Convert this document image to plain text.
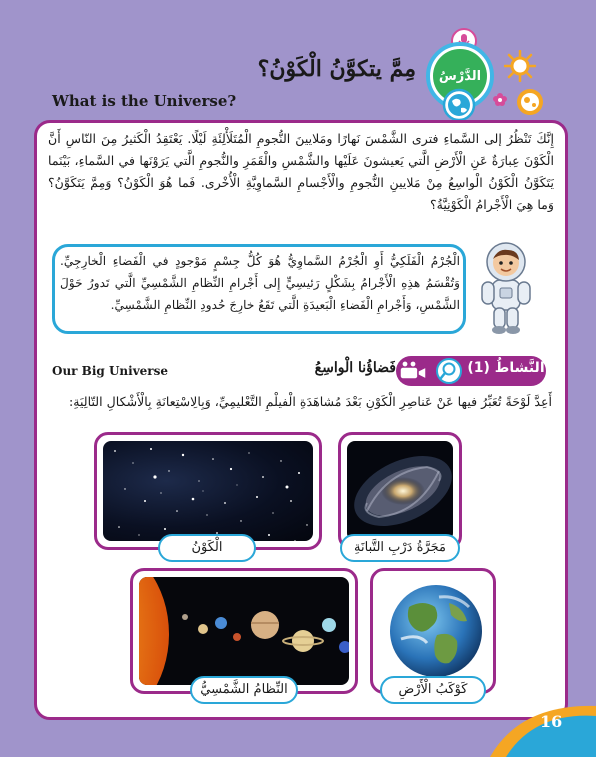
الدَّرْسُ
مِمَّ يتكوَّنُ الْكَوْنُ؟
What is the Universe?

إِنَّكَ تَنْظُرُ إلى السَّماءِ فترى الشَّمْسَ نَهارًا ومَلايينَ النُّجومِ الْمُتَلَأْلِئَةِ لَيْلًا. يَعْتَقِدُ الْكَثيرُ مِنَ النّاسِ أَنَّ الْكَوْنَ عِبارَةٌ عَنِ الْأَرْضِ الَّتي يَعيشونَ عَلَيْها والشَّمْسِ والْقَمَرِ والنُّجومِ الَّتي يَرَوْنَها في السَّماءِ، بَيْنَما يَتَكَوَّنُ الْكَوْنُ الْواسِعُ مِنْ مَلايينِ النُّجومِ والْأَجْسامِ السَّماوِيَّةِ الْأُخْرى. فَما هُوَ الْكَوْنُ؟ وَمِمَّ يَتَكَوَّنُ؟ وَما هِيَ الْأَجْرامُ الْكَوْنِيَّةُ؟

الْجُرْمُ الْفَلَكِيُّ أَوِ الْجُرْمُ السَّماوِيُّ هُوَ كُلُّ جِسْمٍ مَوْجودٍ في الْفَضاءِ الْخارِجِيِّ. وَتُقْسَمُ هذِهِ الْأَجْرامُ بِشَكْلٍ رَئيسِيٍّ إِلى أَجْرامِ النِّظامِ الشَّمْسِيِّ الَّتي تَدورُ حَوْلَ الشَّمْسِ، وَأَجْرامِ الْفَضاءِ الْبَعيدَةِ الَّتي تَقَعُ خارِجَ حُدودِ النِّظامِ الشَّمْسِيِّ.

النَّشاطُ (1)
فَضاؤُنا الْواسِعُ
Our Big Universe

أَعِدَّ لَوْحَةً تُعَبِّرُ فيها عَنْ عَناصِرِ الْكَوْنِ بَعْدَ مُشاهَدَةِ الْفيلْمِ التَّعْليمِيِّ، وَبِالِاسْتِعانَةِ بِالْأَشْكالِ التّالِيَةِ:

الْكَوْنُ	مَجَرَّةُ دَرْبِ التَّبانَةِ
النِّظامُ الشَّمْسِيُّ	كَوْكَبُ الْأَرْضِ
16
